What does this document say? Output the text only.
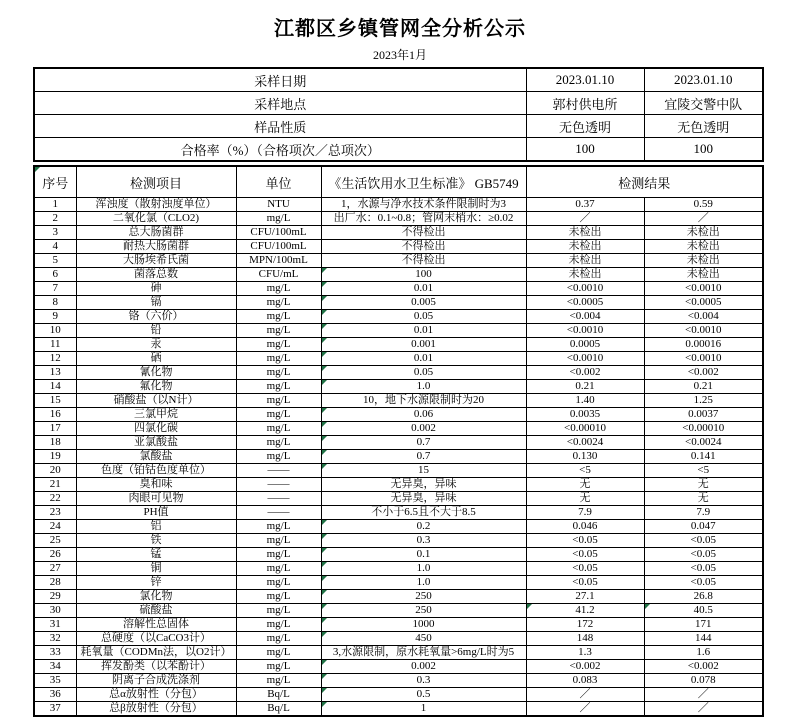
江都区乡镇管网全分析公示
2023年1月
采样日期	2023.01.10	2023.01.10
采样地点	郭村供电所	宜陵交警中队
样品性质	无色透明	无色透明
合格率（%）（合格项次／总项次）	100	100
序号	检测项目	单位	《生活饮用水卫生标准》 GB5749	检测结果	
1	浑浊度（散射浊度单位）	NTU	1，水源与净水技术条件限制时为3	0.37	0.59
2	二氧化氯（CLO2)	mg/L	出厂水：0.1~0.8；管网末梢水：≥0.02	／	／
3	总大肠菌群	CFU/100mL	不得检出	未检出	未检出
4	耐热大肠菌群	CFU/100mL	不得检出	未检出	未检出
5	大肠埃希氏菌	MPN/100mL	不得检出	未检出	未检出
6	菌落总数	CFU/mL	100	未检出	未检出
7	砷	mg/L	0.01	<0.0010	<0.0010
8	镉	mg/L	0.005	<0.0005	<0.0005
9	铬（六价）	mg/L	0.05	<0.004	<0.004
10	铅	mg/L	0.01	<0.0010	<0.0010
11	汞	mg/L	0.001	0.0005	0.00016
12	硒	mg/L	0.01	<0.0010	<0.0010
13	氰化物	mg/L	0.05	<0.002	<0.002
14	氟化物	mg/L	1.0	0.21	0.21
15	硝酸盐（以N计）	mg/L	10，地下水源限制时为20	1.40	1.25
16	三氯甲烷	mg/L	0.06	0.0035	0.0037
17	四氯化碳	mg/L	0.002	<0.00010	<0.00010
18	亚氯酸盐	mg/L	0.7	<0.0024	<0.0024
19	氯酸盐	mg/L	0.7	0.130	0.141
20	色度（铂钴色度单位）	——	15	<5	<5
21	臭和味	——	无异臭，异味	无	无
22	肉眼可见物	——	无异臭，异味	无	无
23	PH值	——	不小于6.5且不大于8.5	7.9	7.9
24	铝	mg/L	0.2	0.046	0.047
25	铁	mg/L	0.3	<0.05	<0.05
26	锰	mg/L	0.1	<0.05	<0.05
27	铜	mg/L	1.0	<0.05	<0.05
28	锌	mg/L	1.0	<0.05	<0.05
29	氯化物	mg/L	250	27.1	26.8
30	硫酸盐	mg/L	250	41.2	40.5
31	溶解性总固体	mg/L	1000	172	171
32	总硬度（以CaCO3计）	mg/L	450	148	144
33	耗氧量（CODMn法，以O2计）	mg/L	3,水源限制，原水耗氧量>6mg/L时为5	1.3	1.6
34	挥发酚类（以苯酚计）	mg/L	0.002	<0.002	<0.002
35	阴离子合成洗涤剂	mg/L	0.3	0.083	0.078
36	总α放射性（分包）	Bq/L	0.5	／	／
37	总β放射性（分包）	Bq/L	1	／	／
